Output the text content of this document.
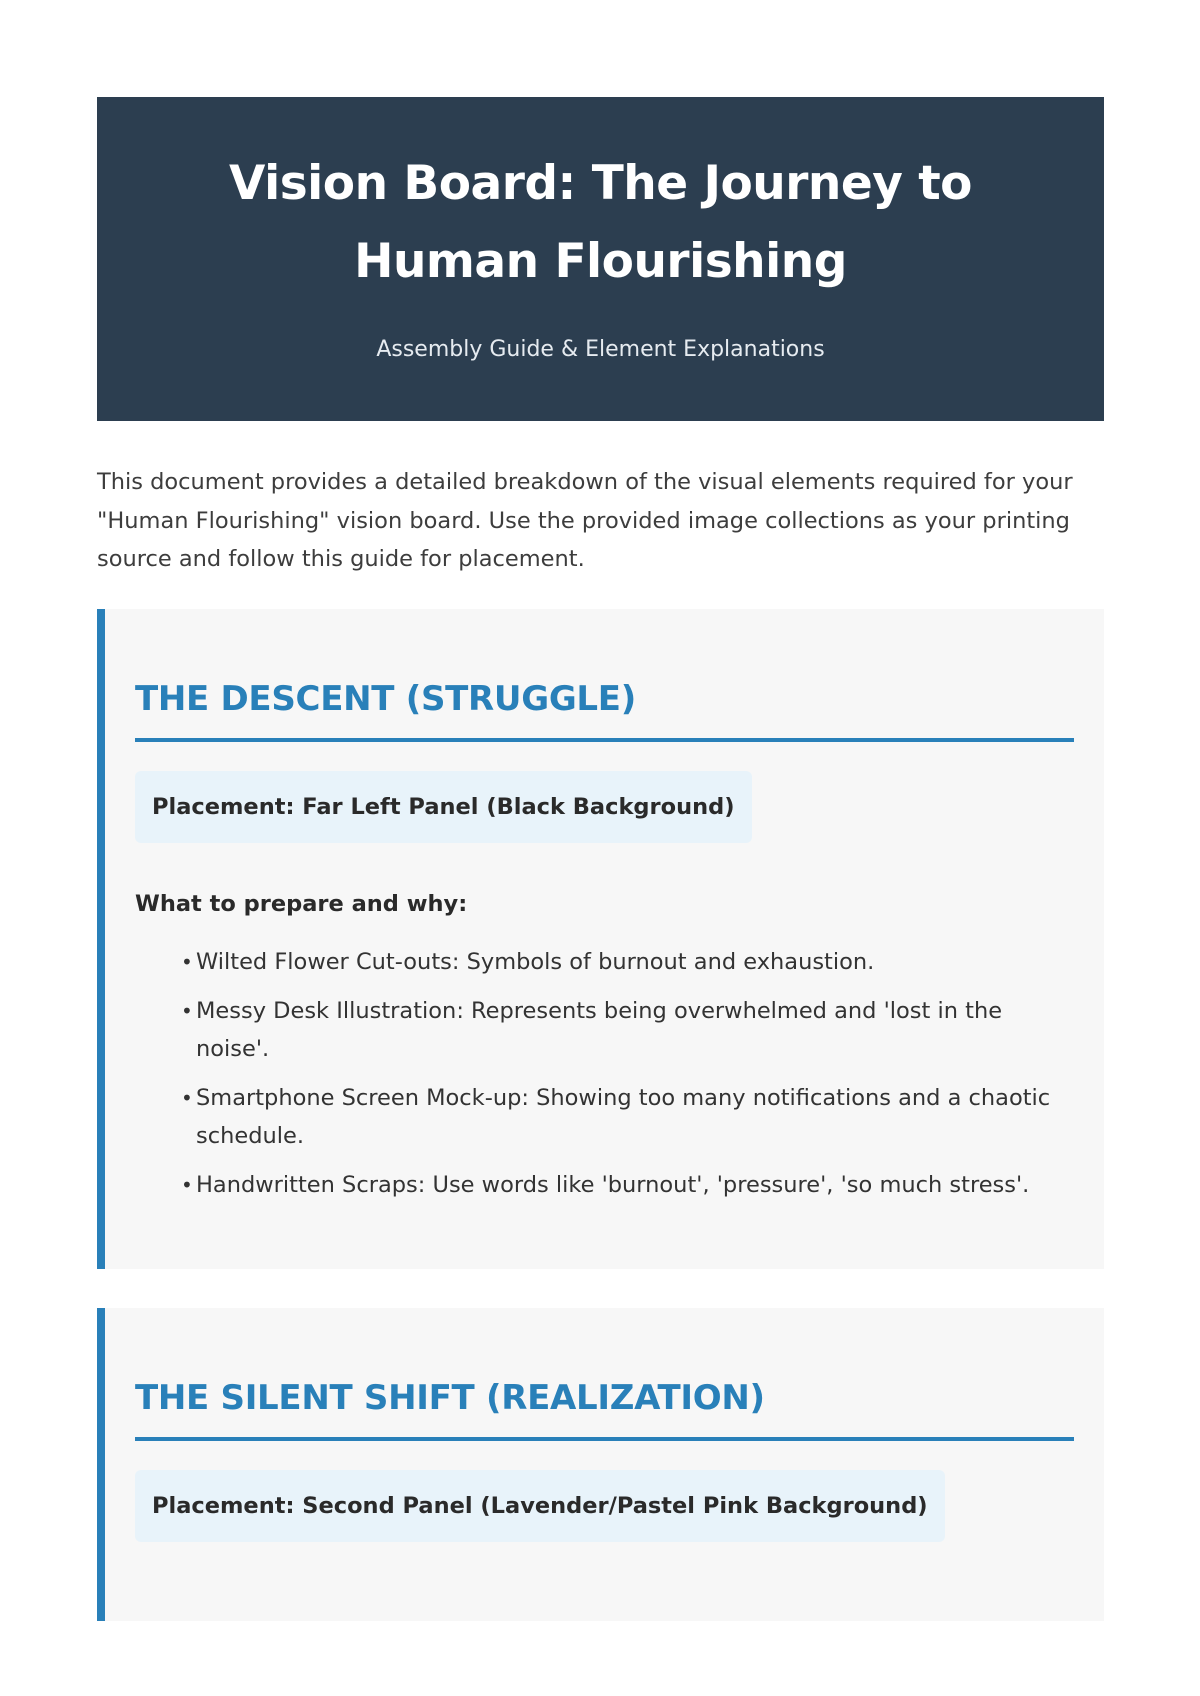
Vision Board: The Journey to Human Flourishing
Assembly Guide & Element Explanations

This document provides a detailed breakdown of the visual elements required for your "Human Flourishing" vision board. Use the provided image collections as your printing source and follow this guide for placement.

THE DESCENT (STRUGGLE)
Placement: Far Left Panel (Black Background)
What to prepare and why:
• Wilted Flower Cut-outs: Symbols of burnout and exhaustion.
• Messy Desk Illustration: Represents being overwhelmed and 'lost in the noise'.
• Smartphone Screen Mock-up: Showing too many notifications and a chaotic schedule.
• Handwritten Scraps: Use words like 'burnout', 'pressure', 'so much stress'.
THE SILENT SHIFT (REALIZATION)
Placement: Second Panel (Lavender/Pastel Pink Background)
